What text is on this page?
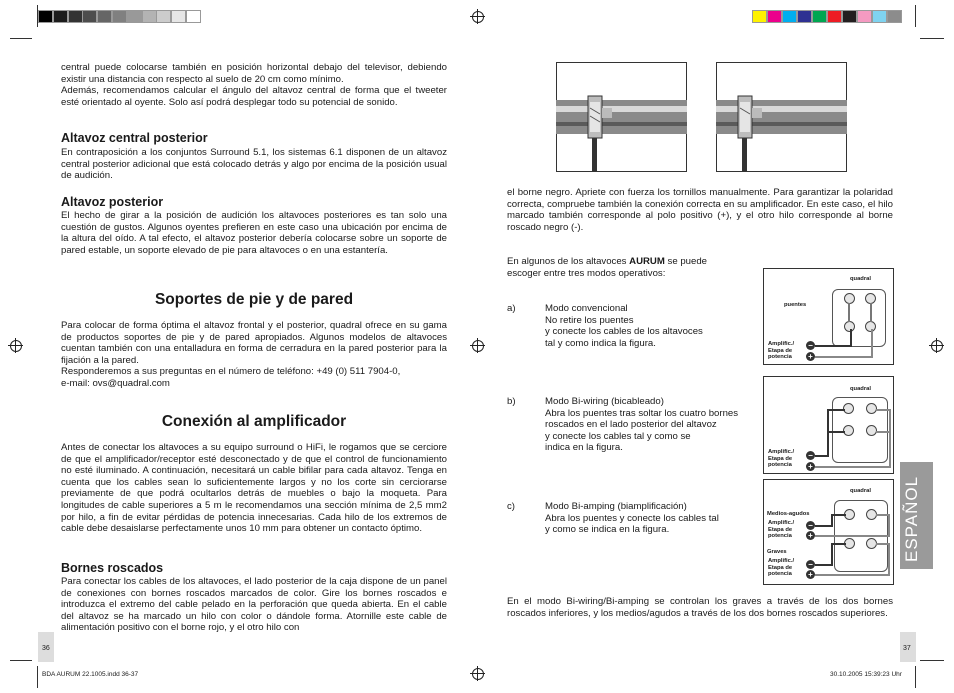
central puede colocarse también en posición horizontal debajo del televisor, debiendo existir una distancia con respecto al suelo de 20 cm como mínimo.

Además, recomendamos calcular el ángulo del altavoz central de forma que el tweeter esté orientado al oyente. Solo así podrá desplegar todo su potencial de sonido.

Altavoz central posterior

En contraposición a los conjuntos Surround 5.1, los sistemas 6.1 disponen de un altavoz central posterior adicional que está colocado detrás y algo por encima de la posición usual de audición.

Altavoz posterior

El hecho de girar a la posición de audición los altavoces posteriores es tan solo una cuestión de gustos. Algunos oyentes prefieren en este caso una ubicación por encima de la altura del oído. A tal efecto, el altavoz posterior debería colocarse sobre un soporte de pared estable, un soporte elevado de pie para altavoces o en una estantería.

Soportes de pie y de pared

Para colocar de forma óptima el altavoz frontal y el posterior, quadral ofrece en su gama de productos soportes de pie y de pared apropiados. Algunos modelos de altavoces cuentan también con una entalladura en forma de cerradura en la pared posterior para la fijación a la pared.

Responderemos a sus preguntas en el número de teléfono: +49 (0) 511 7904-0,

e-mail: ovs@quadral.com

Conexión al amplificador

Antes de conectar los altavoces a su equipo surround o HiFi, le rogamos que se cerciore de que el amplificador/receptor esté desconectado y de que el control de funcionamiento no esté iluminado. A continuación, necesitará un cable bifilar para cada altavoz. Tenga en cuenta que los cables sean lo suficientemente largos y no los corte sin cerciorarse previamente de que podrá ocultarlos detrás de muebles o bajo la moqueta. Para longitudes de cable superiores a 5 m le recomendamos una sección mínima de 2,5 mm2 por hilo, a fin de evitar pérdidas de potencia innecesarias. Cada hilo de los extremos de cable debe desaislarse perfectamente unos 10 mm para obtener un contacto óptimo.

Bornes roscados

Para conectar los cables de los altavoces, el lado posterior de la caja dispone de un panel de conexiones con bornes roscados marcados de color. Gire los bornes roscados e introduzca el extremo del cable pelado en la perforación que queda abierta. En el cable del altavoz se ha marcado un hilo con color o dándole forma. Atornille este cable de alimentación positivo con el borne rojo, y el otro hilo con

36
BDA AURUM 22.1005.indd 36-37

el borne negro. Apriete con fuerza los tornillos manualmente. Para garantizar la polaridad correcta, compruebe también la conexión correcta en su amplificador. En este caso, el hilo marcado también corresponde al polo positivo (+), y el otro hilo corresponde al borne roscado negro (-).

En algunos de los altavoces AURUM se puede

escoger entre tres modos operativos:

a)	Modo convencional
No retire los puentes
y conecte los cables de los altavoces
tal y como indica la figura.
b)	Modo Bi-wiring (bicableado)
Abra los puentes tras soltar los cuatro bornes
roscados en el lado posterior del altavoz
y conecte los cables tal y como se
indica en la figura.
c)	Modo Bi-amping (biamplificación)
Abra los puentes y conecte los cables tal
y como se indica en la figura.
quadral
puentes
Amplific./
Etapa de
potencia
−
+
quadral
Amplific./
Etapa de
potencia
−
+
quadral
Medios-agudos
Graves
Amplific./
Etapa de
potencia
−
+
Amplific./
Etapa de
potencia
−
+

En el modo Bi-wiring/Bi-amping se controlan los graves a través de los dos bornes roscados inferiores, y los medios/agudos a través de los dos bornes roscados superiores.

ESPAÑOL
37
30.10.2005 15:39:23 Uhr
